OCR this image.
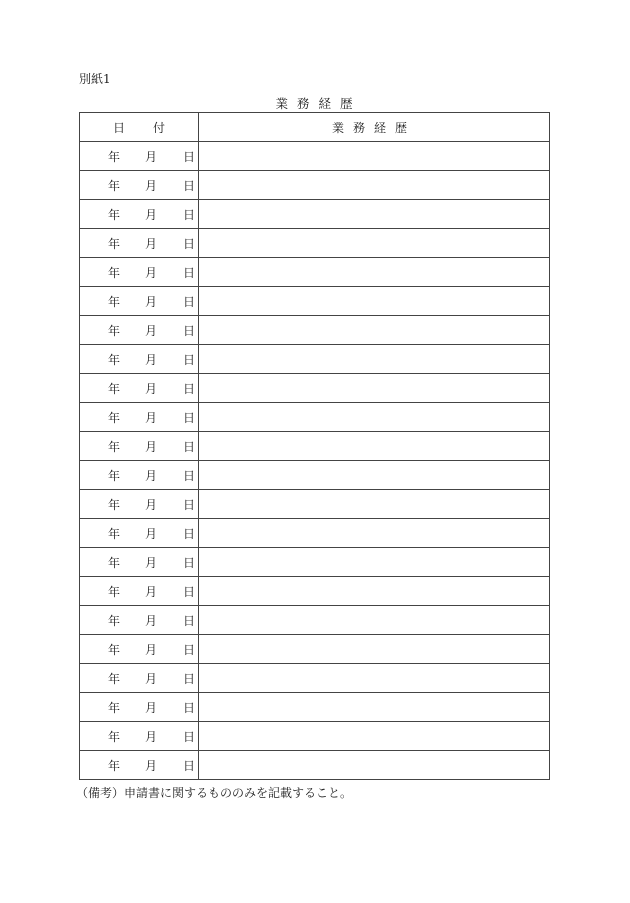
別紙1
業務経歴
日 付	業務経歴

年 月 日	

年 月 日	

年 月 日	

年 月 日	

年 月 日	

年 月 日	

年 月 日	

年 月 日	

年 月 日	

年 月 日	

年 月 日	

年 月 日	

年 月 日	

年 月 日	

年 月 日	

年 月 日	

年 月 日	

年 月 日	

年 月 日	

年 月 日	

年 月 日	

年 月 日	

（備考）申請書に関するもののみを記載すること。
